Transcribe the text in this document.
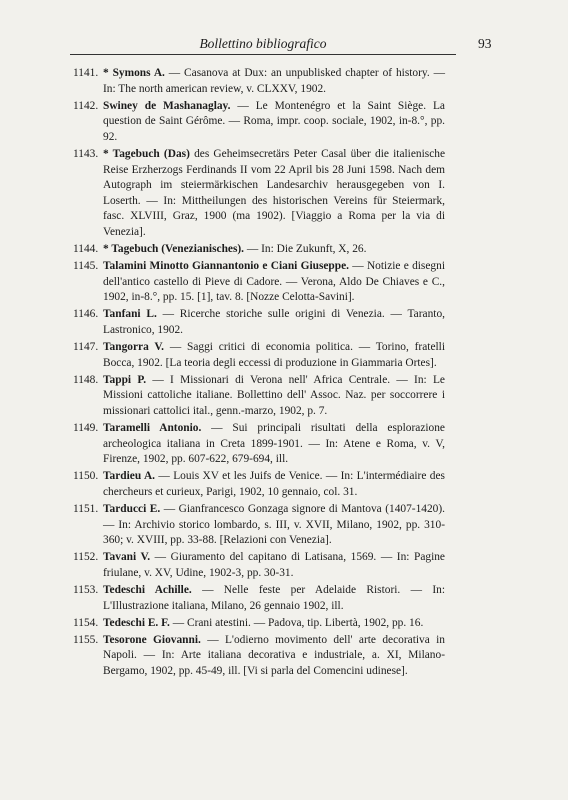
Bollettino bibliografico	93

1141. * Symons A. — Casanova at Dux: an unpublisked chapter of history. — In: The north american review, v. CLXXV, 1902.

1142. Swiney de Mashanaglay. — Le Montenégro et la Saint Siège. La question de Saint Gérôme. — Roma, impr. coop. sociale, 1902, in-8.°, pp. 92.

1143. * Tagebuch (Das) des Geheimsecretärs Peter Casal über die italienische Reise Erzherzogs Ferdinands II vom 22 April bis 28 Juni 1598. Nach dem Autograph im steiermärkischen Landesarchiv herausgegeben von I. Loserth. — In: Mittheilungen des historischen Vereins für Steiermark, fasc. XLVIII, Graz, 1900 (ma 1902). [Viaggio a Roma per la via di Venezia].

1144. * Tagebuch (Venezianisches). — In: Die Zukunft, X, 26.

1145. Talamini Minotto Giannantonio e Ciani Giuseppe. — Notizie e disegni dell'antico castello di Pieve di Cadore. — Verona, Aldo De Chiaves e C., 1902, in-8.°, pp. 15. [1], tav. 8. [Nozze Celotta-Savini].

1146. Tanfani L. — Ricerche storiche sulle origini di Venezia. — Taranto, Lastronico, 1902.

1147. Tangorra V. — Saggi critici di economia politica. — Torino, fratelli Bocca, 1902. [La teoria degli eccessi di produzione in Giammaria Ortes].

1148. Tappi P. — I Missionari di Verona nell' Africa Centrale. — In: Le Missioni cattoliche italiane. Bollettino dell' Assoc. Naz. per soccorrere i missionari cattolici ital., genn.-marzo, 1902, p. 7.

1149. Taramelli Antonio. — Sui principali risultati della esplorazione archeologica italiana in Creta 1899-1901. — In: Atene e Roma, v. V, Firenze, 1902, pp. 607-622, 679-694, ill.

1150. Tardieu A. — Louis XV et les Juifs de Venice. — In: L'intermédiaire des chercheurs et curieux, Parigi, 1902, 10 gennaio, col. 31.

1151. Tarducci E. — Gianfrancesco Gonzaga signore di Mantova (1407-1420). — In: Archivio storico lombardo, s. III, v. XVII, Milano, 1902, pp. 310-360; v. XVIII, pp. 33-88. [Relazioni con Venezia].

1152. Tavani V. — Giuramento del capitano di Latisana, 1569. — In: Pagine friulane, v. XV, Udine, 1902-3, pp. 30-31.

1153. Tedeschi Achille. — Nelle feste per Adelaide Ristori. — In: L'Illustrazione italiana, Milano, 26 gennaio 1902, ill.

1154. Tedeschi E. F. — Crani atestini. — Padova, tip. Libertà, 1902, pp. 16.

1155. Tesorone Giovanni. — L'odierno movimento dell' arte decorativa in Napoli. — In: Arte italiana decorativa e industriale, a. XI, Milano-Bergamo, 1902, pp. 45-49, ill. [Vi si parla del Comencini udinese].
